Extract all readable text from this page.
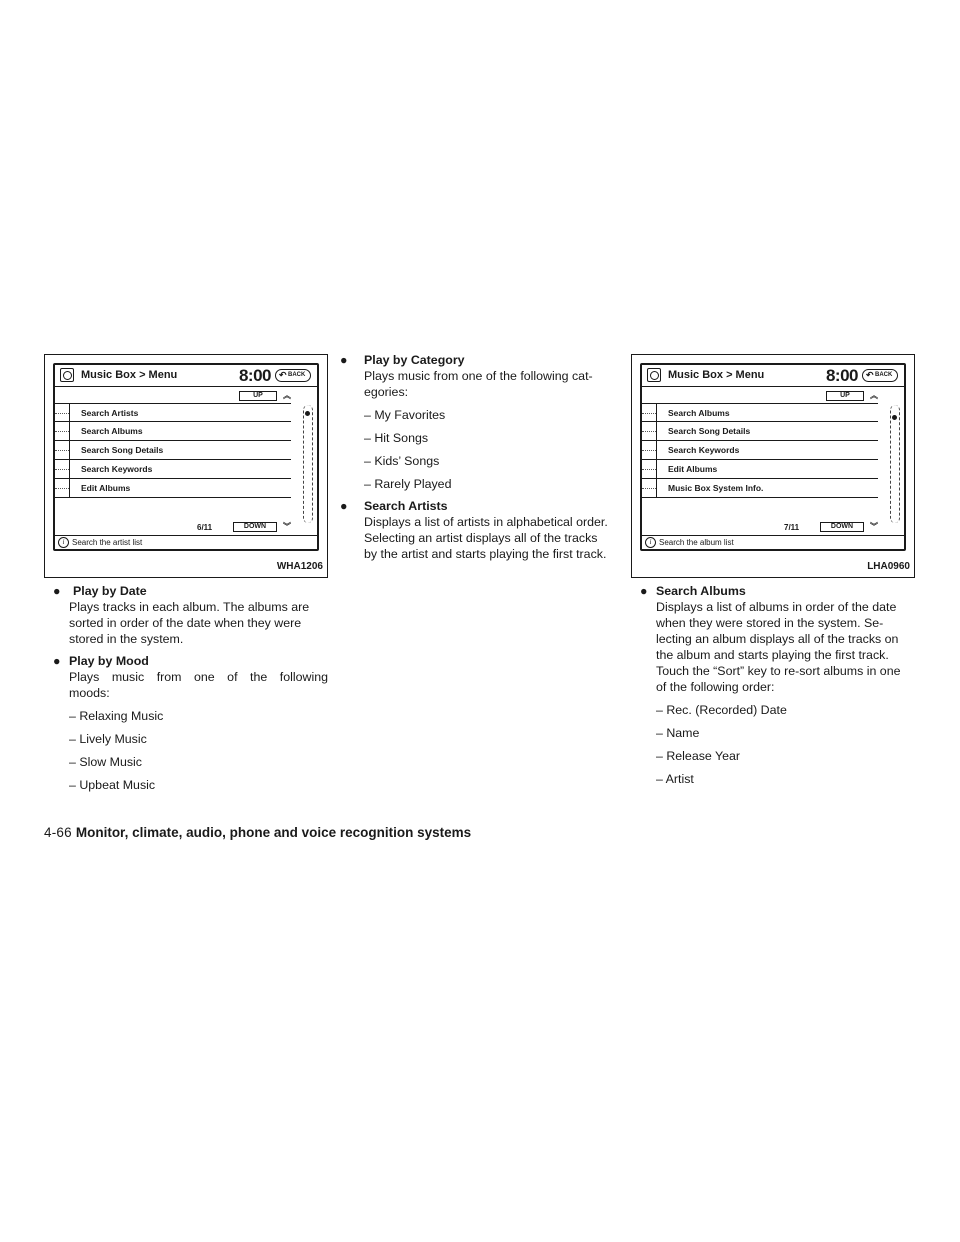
Music Box > Menu	8:00 ↶ BACK
UP	︽
Search Artists
Search Albums
Search Song Details
Search Keywords
Edit Albums
6/11	DOWN	︾
i Search the artist list
WHA1206
Music Box > Menu	8:00 ↶ BACK
UP	︽
Search Albums
Search Song Details
Search Keywords
Edit Albums
Music Box System Info.
7/11	DOWN	︾
i Search the album list
LHA0960
● Play by Date
Plays tracks in each album. The albums are
sorted in order of the date when they were
stored in the system.
● Play by Mood
Plays music from one of the following
moods:
– Relaxing Music
– Lively Music
– Slow Music
– Upbeat Music
● Play by Category
Plays music from one of the following cat-
egories:
– My Favorites
– Hit Songs
– Kids’ Songs
– Rarely Played
● Search Artists
Displays a list of artists in alphabetical order.
Selecting an artist displays all of the tracks
by the artist and starts playing the first track.
● Search Albums
Displays a list of albums in order of the date
when they were stored in the system. Se-
lecting an album displays all of the tracks on
the album and starts playing the first track.
Touch the “Sort” key to re-sort albums in one
of the following order:
– Rec. (Recorded) Date
– Name
– Release Year
– Artist
4-66 Monitor, climate, audio, phone and voice recognition systems
